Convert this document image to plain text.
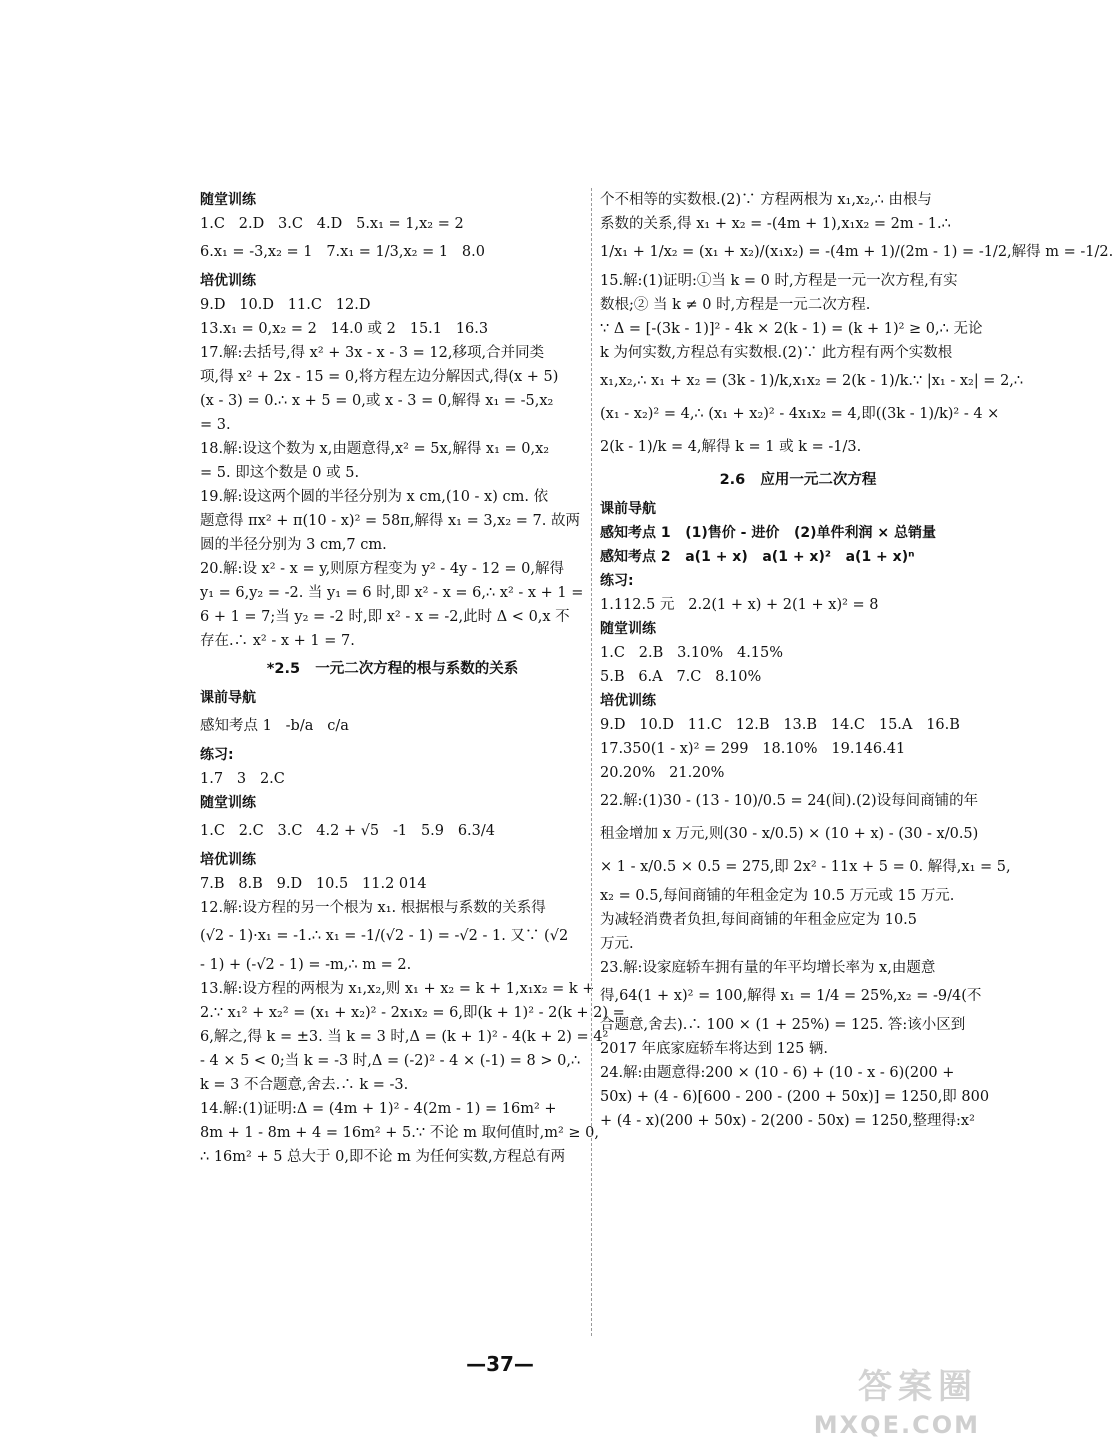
随堂训练
1.C   2.D   3.C   4.D   5.x₁ = 1,x₂ = 2
6.x₁ = -3,x₂ = 1   7.x₁ = 1/3,x₂ = 1   8.0
培优训练
9.D   10.D   11.C   12.D
13.x₁ = 0,x₂ = 2   14.0 或 2   15.1   16.3
17.解:去括号,得 x² + 3x - x - 3 = 12,移项,合并同类
项,得 x² + 2x - 15 = 0,将方程左边分解因式,得(x + 5)
(x - 3) = 0.∴ x + 5 = 0,或 x - 3 = 0,解得 x₁ = -5,x₂
= 3.
18.解:设这个数为 x,由题意得,x² = 5x,解得 x₁ = 0,x₂
= 5. 即这个数是 0 或 5.
19.解:设这两个圆的半径分别为 x cm,(10 - x) cm. 依
题意得 πx² + π(10 - x)² = 58π,解得 x₁ = 3,x₂ = 7. 故两
圆的半径分别为 3 cm,7 cm.
20.解:设 x² - x = y,则原方程变为 y² - 4y - 12 = 0,解得
y₁ = 6,y₂ = -2. 当 y₁ = 6 时,即 x² - x = 6,∴ x² - x + 1 =
6 + 1 = 7;当 y₂ = -2 时,即 x² - x = -2,此时 Δ < 0,x 不
存在.∴ x² - x + 1 = 7.
*2.5   一元二次方程的根与系数的关系
课前导航
感知考点 1   -b/a   c/a
练习:
1.7   3   2.C
随堂训练
1.C   2.C   3.C   4.2 + √5   -1   5.9   6.3/4
培优训练
7.B   8.B   9.D   10.5   11.2 014
12.解:设方程的另一个根为 x₁. 根据根与系数的关系得
(√2 - 1)·x₁ = -1.∴ x₁ = -1/(√2 - 1) = -√2 - 1. 又∵ (√2
- 1) + (-√2 - 1) = -m,∴ m = 2.
13.解:设方程的两根为 x₁,x₂,则 x₁ + x₂ = k + 1,x₁x₂ = k +
2.∵ x₁² + x₂² = (x₁ + x₂)² - 2x₁x₂ = 6,即(k + 1)² - 2(k + 2) =
6,解之,得 k = ±3. 当 k = 3 时,Δ = (k + 1)² - 4(k + 2) = 4²
- 4 × 5 < 0;当 k = -3 时,Δ = (-2)² - 4 × (-1) = 8 > 0,∴
k = 3 不合题意,舍去.∴ k = -3.
14.解:(1)证明:Δ = (4m + 1)² - 4(2m - 1) = 16m² +
8m + 1 - 8m + 4 = 16m² + 5.∵ 不论 m 取何值时,m² ≥ 0,
∴ 16m² + 5 总大于 0,即不论 m 为任何实数,方程总有两
个不相等的实数根.(2)∵ 方程两根为 x₁,x₂,∴ 由根与
系数的关系,得 x₁ + x₂ = -(4m + 1),x₁x₂ = 2m - 1.∴
1/x₁ + 1/x₂ = (x₁ + x₂)/(x₁x₂) = -(4m + 1)/(2m - 1) = -1/2,解得 m = -1/2.
15.解:(1)证明:①当 k = 0 时,方程是一元一次方程,有实
数根;② 当 k ≠ 0 时,方程是一元二次方程.
∵ Δ = [-(3k - 1)]² - 4k × 2(k - 1) = (k + 1)² ≥ 0,∴ 无论
k 为何实数,方程总有实数根.(2)∵ 此方程有两个实数根
x₁,x₂,∴ x₁ + x₂ = (3k - 1)/k,x₁x₂ = 2(k - 1)/k.∵ |x₁ - x₂| = 2,∴
(x₁ - x₂)² = 4,∴ (x₁ + x₂)² - 4x₁x₂ = 4,即((3k - 1)/k)² - 4 ×
2(k - 1)/k = 4,解得 k = 1 或 k = -1/3.
2.6   应用一元二次方程
课前导航
感知考点 1   (1)售价 - 进价   (2)单件利润 × 总销量
感知考点 2   a(1 + x)   a(1 + x)²   a(1 + x)ⁿ
练习:
1.112.5 元   2.2(1 + x) + 2(1 + x)² = 8
随堂训练
1.C   2.B   3.10%   4.15%
5.B   6.A   7.C   8.10%
培优训练
9.D   10.D   11.C   12.B   13.B   14.C   15.A   16.B
17.350(1 - x)² = 299   18.10%   19.146.41
20.20%   21.20%
22.解:(1)30 - (13 - 10)/0.5 = 24(间).(2)设每间商铺的年
租金增加 x 万元,则(30 - x/0.5) × (10 + x) - (30 - x/0.5)
× 1 - x/0.5 × 0.5 = 275,即 2x² - 11x + 5 = 0. 解得,x₁ = 5,
x₂ = 0.5,每间商铺的年租金定为 10.5 万元或 15 万元.
为减轻消费者负担,每间商铺的年租金应定为 10.5
万元.
23.解:设家庭轿车拥有量的年平均增长率为 x,由题意
得,64(1 + x)² = 100,解得 x₁ = 1/4 = 25%,x₂ = -9/4(不
合题意,舍去).∴ 100 × (1 + 25%) = 125. 答:该小区到
2017 年底家庭轿车将达到 125 辆.
24.解:由题意得:200 × (10 - 6) + (10 - x - 6)(200 +
50x) + (4 - 6)[600 - 200 - (200 + 50x)] = 1250,即 800
+ (4 - x)(200 + 50x) - 2(200 - 50x) = 1250,整理得:x²
—37—
答案圈
MXQE.COM
